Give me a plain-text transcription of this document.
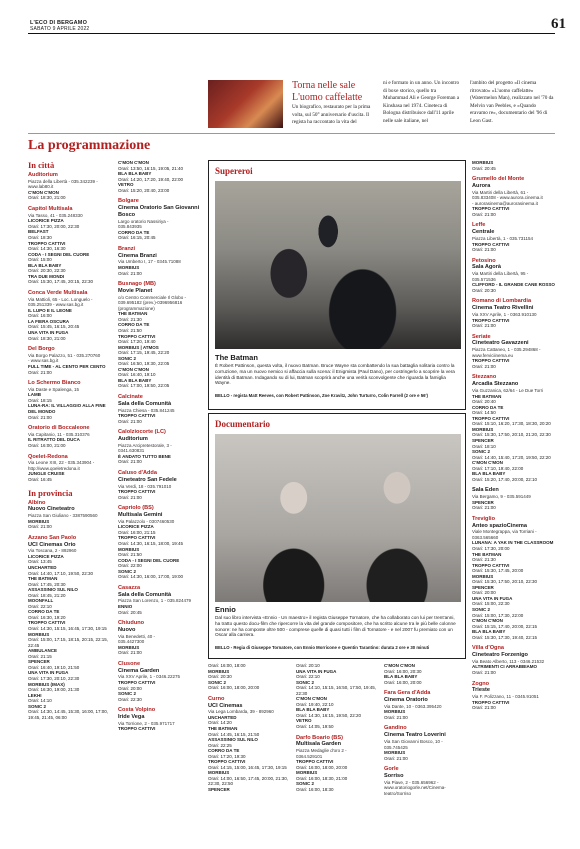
L'ECO DI BERGAMO
SABATO 9 APRILE 2022	61
Torna nelle sale L'uomo caffelatte
Un biografico, restaurato per la prima volta, sul 50° anniversario d'uscita. Il regista ha raccontato la vita del
ni e formato in un anno. Un incontro di boxe storico, quello tra Muhammad Ali e George Foreman a Kinshasa nel 1974. Cineteca di Bologna distribuisce dall'11 aprile nelle sale italiane, nel
l'ambito del progetto «Il cinema ritrovato» «L'uomo caffelatte» (Watermelon Man), realizzato nel '70 da Melvin van Peebles, e «Quando eravamo re», documentario del '96 di Leon Gast.
La programmazione
In città
Auditorium
Piazza della Libertà - 035.342239 -
www.lab80.it
C'MON C'MON
Orari: 18:30, 21:00
Capitol Multisala
Via Tasso, 41 - 035.248330
LICORICE PIZZA
Orari: 17:30, 20:00, 22:30
BELFAST
Orari: 18:30
TROPPO CATTIVI
Orari: 14:30, 16:30
CODA - I SEGNI DEL CUORE
Orari: 15:00
BLA BLA BABY
Orari: 20:30, 22:30
TRA DUE MONDI
Orari: 15:30, 17:45, 20:15, 22:30
Conca Verde Multisala
Via Mattioli, 65 - Loc. Longuelo -
035.251339 - www.sas.bg.it
IL LUPO E IL LEONE
Orari: 16:00
LA FIERA OSCURA
Orari: 15:45, 16:15, 20:45
UNA VITA IN FUGA
Orari: 18:30, 21:00
Del Borgo
Via Borgo Palazzo, 51 - 035.270760
- www.sas.bg.it
FULL TIME - AL CENTO PER CENTO
Orari: 21:00
Lo Schermo Bianco
Via Daste e Spalenga, 15
LAMB
Orari: 18:15
LUNA-RA: IL VILLAGGIO ALLA FINE DEL MONDO
Orari: 21:00
Oratorio di Boccaleone
Via Capitanio, 11 - 035.310376
IL RITRATTO DEL DUCA
Orari: 16:00, 21:00
Qoelet-Redona
Via Leone XIII, 22 - 035.343904 -
http://www.qoeletredona.it
JUNGLE CRUISE
Orari: 16:45
In provincia
Albino
Nuovo Cineteatro
Piazza San Giuliano - 3387590560
MORBIUS
Orari: 21:00
Azzano San Paolo
UCI Cinemas Orio
Via Toscana, 2 - 892960
LICORICE PIZZA
Orari: 13:45
UNCHARTED
Orari: 14:40, 17:10, 19:50, 22:30
THE BATMAN
Orari: 17:45, 20:30
ASSASSINIO SUL NILO
Orari: 18:45, 21:20
MOONFALL
Orari: 22:10
CORRO DA TE
Orari: 16:30, 19:20
TROPPO CATTIVI
Orari: 14:30, 15:15, 16:45, 17:30, 19:15
MORBIUS
Orari: 15:00, 17:15, 18:15, 20:15, 22:15, 22:45
AMBULANCE
Orari: 21:15
SPENCER
Orari: 16:40, 19:10, 21:50
UNA VITA IN FUGA
Orari: 17:30, 20:10, 22:30
MORBIUS (IMAX)
Orari: 16:30, 19:00, 21:30
LEKHI
Orari: 14:10
SONIC 2
Orari: 14:30, 14:45, 15:30, 16:00, 17:00, 19:45, 21:45, 06:00
C'MON C'MON
Orari: 13:50, 16:15, 19:05, 21:40
BLA BLA BABY
Orari: 14:20, 17:20, 19:40, 22:00
VETRO
Orari: 15:20, 20:40, 23:00
Bolgare
Cinema Oratorio San Giovanni Bosco
Largo oratorio Nassiriya -
035.843935
CORRO DA TE
Orari: 16:15, 20:45
Branzi
Cinema Branzi
Via Umberto I, 17 - 0345.71088
MORBIUS
Orari: 21:00
Busnago (MB)
Movie Planet
c/o Centro Commerciale Il Globo -
039.695182 (prev.)-0396956816
(programmazione)
THE BATMAN
Orari: 21:30
CORRO DA TE
Orari: 21:50
TROPPO CATTIVI
Orari: 17:20, 19:40
MORBIUS | ATMOS
Orari: 17:15, 19:45, 22:20
SONIC 2
Orari: 16:50, 19:30, 22:05
C'MON C'MON
Orari: 16:40, 19:10
BLA BLA BABY
Orari: 17:00, 19:50, 22:05
Calcinate
Sala della Comunità
Piazza Chiesa - 035.841245
TROPPO CATTIVI
Orari: 21:00
Calolziocorte (LC)
Auditorium
Piazza Arcipretestorale, 3 -
0341.630831
È ANDATO TUTTO BENE
Orari: 21:00
Caluso d'Adda
Cineteatro San Fedele
Via Verdi, 18 - 035.791010
TROPPO CATTIVI
Orari: 21:00
Capriolo (BS)
Multisala Gemini
Via Palazzolo - 0307460530
LICORICE PIZZA
Orari: 16:00, 21:15
TROPPO CATTIVI
Orari: 14:30, 16:15, 18:00, 19:45
MORBIUS
Orari: 21:50
CODA - I SEGNI DEL CUORE
Orari: 22:00
SONIC 2
Orari: 14:30, 16:00, 17:00, 19:00
Casazza
Sala della Comunità
Piazza San Lorenzo, 1 - 035.824479
ENNIO
Orari: 20:45
Chiuduno
Nuovo
Via Benedetti, 40 -
035.4427300
MORBIUS
Orari: 21:00
Clusone
Cinema Garden
Via XXV Aprile, 1 - 0346.22275
TROPPO CATTIVI
Orari: 20:00
SONIC 2
Orari: 22:30
Costa Volpino
Iride Vega
Via Torrione, 2 - 035.971717
TROPPO CATTIVI
Orari: 16:00, 18:00
MORBIUS
Orari: 20:30
SONIC 2
Orari: 16:00, 18:00, 20:00
Curno
UCI Cinemas
Via Lega Lombarda, 39 - 892960
UNCHARTED
Orari: 14:20
THE BATMAN
Orari: 14:45, 16:15, 21:50
ASSASSINIO SUL NILO
Orari: 22:25
CORRO DA TE
Orari: 17:20, 19:30
TROPPO CATTIVI
Orari: 14:15, 15:00, 16:45, 17:30, 19:15
MORBIUS
Orari: 14:00, 16:50, 17:45, 20:00, 21:30, 22:30, 22:50
SPENCER
Orari: 20:10
UNA VITA IN FUGA
Orari: 22:10
SONIC 2
Orari: 14:10, 15:15, 16:50, 17:50, 19:45, 22:30
C'MON C'MON
Orari: 19:40, 22:10
BLA BLA BABY
Orari: 14:30, 16:15, 19:50, 22:20
VETRO
Orari: 14:05, 19:50
Darfo Boario (BS)
Multisala Garden
Piazza Medaglie d'oro 2 -
0364.529101
TROPPO CATTIVI
Orari: 16:00, 18:00, 20:00
MORBIUS
Orari: 16:00, 18:30, 21:00
SONIC 2
Orari: 16:00, 18:30
C'MON C'MON
Orari: 16:00, 20:30
BLA BLA BABY
Orari: 16:00, 20:00
Fara Gera d'Adda
Cinema Oratorio
Via Dante, 10 - 0363.395420
MORBIUS
Orari: 21:00
Gandino
Cinema Teatro Loverini
Via San Giovanni Bosco, 10 -
035.745425
MORBIUS
Orari: 21:00
Gorle
Sorriso
Via Piave, 2 - 035.656962 -
www.oratoriogorle.net/Cinema-
teatro/Sorriso
MORBIUS
Orari: 20:45
Grumello del Monte
Aurora
Via Martiri della Libertà, 61 -
035.833408 - www.aurora.cinema.it
- aurorasinema@aurorasinema.it
TROPPO CATTIVI
Orari: 21:00
Leffe
Centrale
Piazza Libertà, 1 - 035.731154
TROPPO CATTIVI
Orari: 21:00
Petosino
Sala Agorà
Via Martiri della Libertà, 95 -
035.571536
CLIFFORD - IL GRANDE CANE ROSSO
Orari: 20:30
Romano di Lombardia
Cinema Teatro Rivellini
Via XXV Aprile, 1 - 0363.910130
TROPPO CATTIVI
Orari: 21:00
Seriate
Cineteatro Gavazzeni
Piazza Cattaneo, 1 - 035.294868 -
www.ferviciinema.eu
TROPPO CATTIVI
Orari: 21:00
Stezzano
Arcadia Stezzano
Via Guzzanica, 62/64 - Le Due Torri
THE BATMAN
Orari: 20:40
CORRO DA TE
Orari: 14:50
TROPPO CATTIVI
Orari: 15:10, 16:20, 17:30, 18:30, 20:20
MORBIUS
Orari: 15:30, 17:50, 20:10, 21:20, 22:30
SPENCER
Orari: 18:10
SONIC 2
Orari: 14:40, 15:40, 17:20, 19:50, 22:20
C'MON C'MON
Orari: 17:10, 19:40, 22:00
BLA BLA BABY
Orari: 15:20, 17:40, 20:00, 22:10
Sala Eden
Via Bergamo, 9 - 035.591449
SPENCER
Orari: 21:00
Treviglio
Anteo spazioCinema
Viale Montegrappa, via Torriani -
0363.565660
LUNANA: A YAK IN THE CLASSROOM
Orari: 17:30, 20:00
THE BATMAN
Orari: 21:30
TROPPO CATTIVI
Orari: 15:30, 17:45, 20:00
MORBIUS
Orari: 15:30, 17:50, 20:10, 22:30
SPENCER
Orari: 20:00
UNA VITA IN FUGA
Orari: 15:00, 22:30
SONIC 2
Orari: 15:00, 17:30, 22:00
C'MON C'MON
Orari: 15:15, 17:40, 20:00, 22:15
BLA BLA BABY
Orari: 15:30, 17:30, 19:40, 22:15
Villa d'Ogna
Cineteatro Forzenigo
Via Beato Alberto, 113 - 0346.21532
ALTRIMENTI CI ARRABBIAMO
Orari: 21:00
Zogno
Trieste
Via F. Polizzano, 11 - 0345.91051
TROPPO CATTIVI
Orari: 21:00
Supereroi
The Batman
È Robert Pattinson, questa volta, il nuovo Batman. Bruce Wayne sta combattendo la sua battaglia solitaria contro la corruzione, ma un nuovo nemico si affaccia sulla scena: il Enigmista (Paul Dano), per costringerlo a scoprire la vera identità di Batman. Indagando su di lui, Batman scoprirà anche una verità sconvolgente che riguarda la famiglia Wayne.
BELLO - regista Matt Reeves, con Robert Pattinson, Zoe Kravitz, John Turturro, Colin Farrell (2 ore e 56')
Documentario
Ennio
Dal suo libro intervista «Ennio - Un maestro» il regista Giuseppe Tornatore, che ha collaborato con lui per trent'anni, ha tratto questo docu-film che ripercorre la vita del grande compositore, che ha scritto alcune tra le più belle colonne sonore: ne ha composte oltre 500 - comprese quelle di quasi tutti i film di Tornatore - e nel 2007 fu premiato con un Oscar alla carriera.
BELLO - Regia di Giuseppe Tornatore, con Ennio Morricone e Quentin Tarantino: durata 2 ore e 30 minuti
